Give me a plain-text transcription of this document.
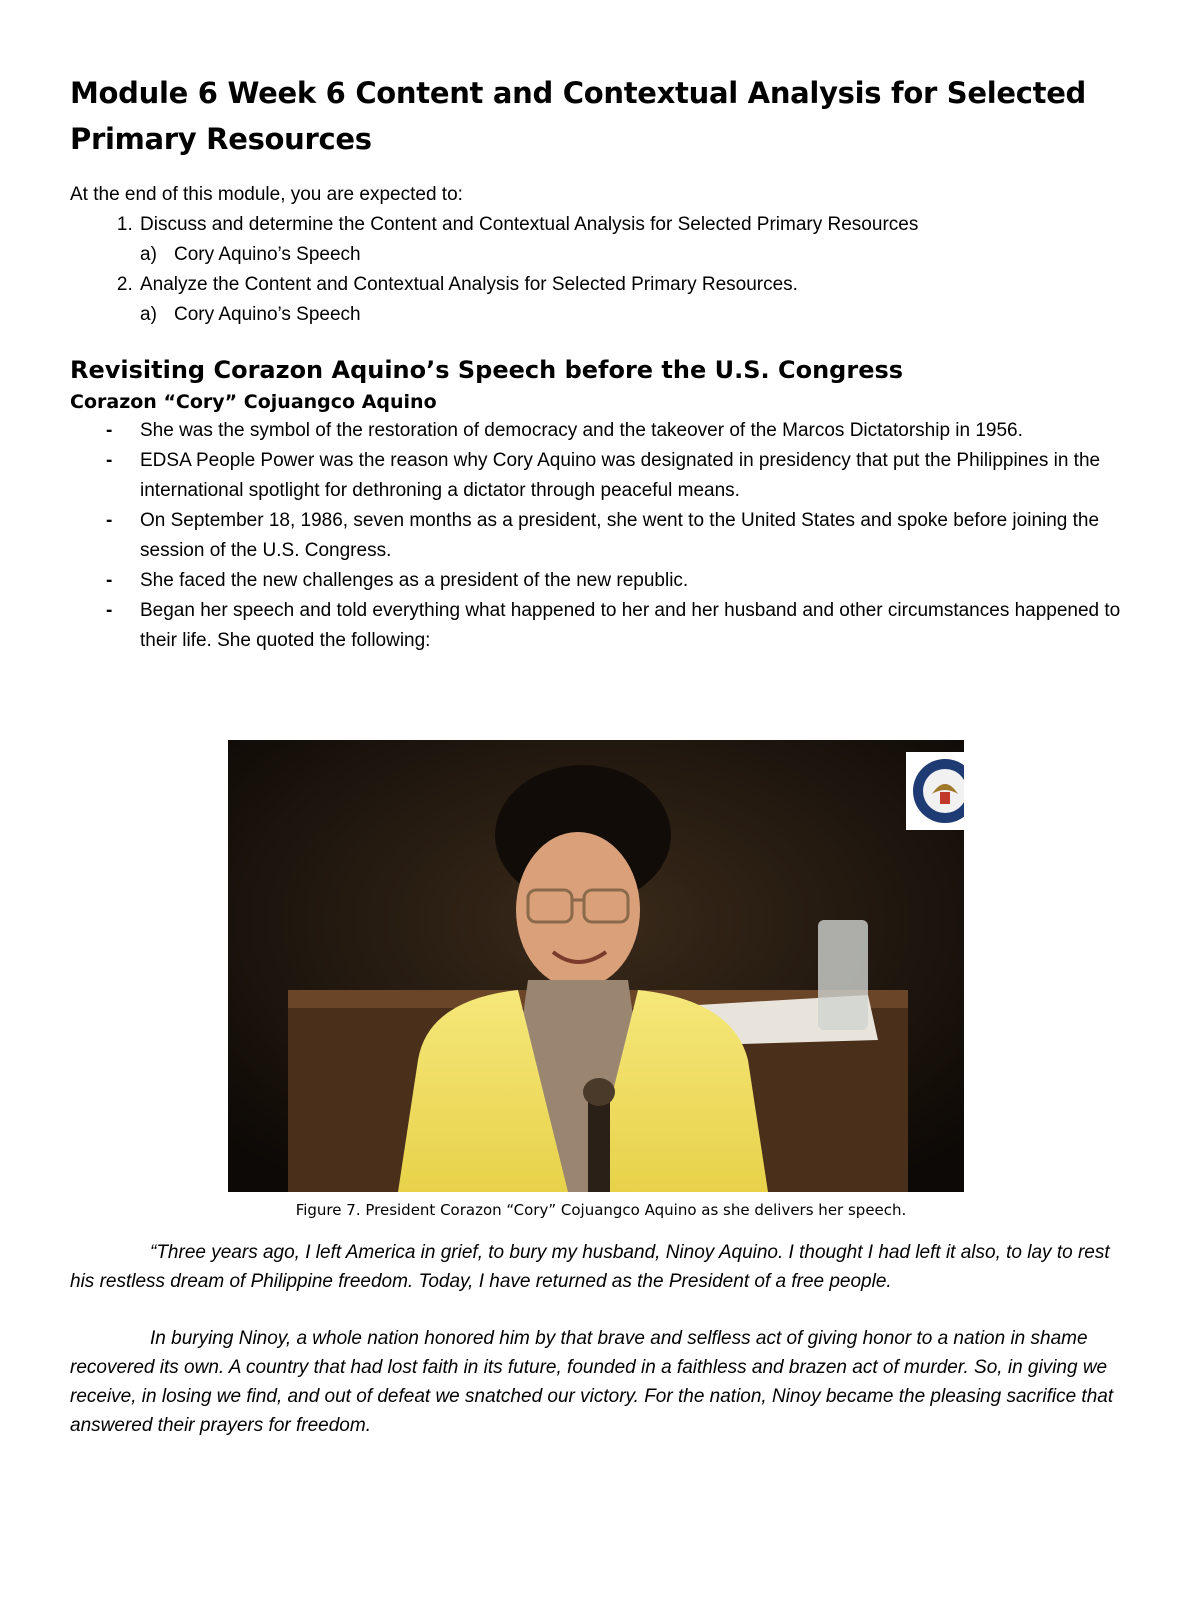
Module 6 Week 6 Content and Contextual Analysis for Selected Primary Resources
At the end of this module, you are expected to:
1. Discuss and determine the Content and Contextual Analysis for Selected Primary Resources
a) Cory Aquino’s Speech
2. Analyze the Content and Contextual Analysis for Selected Primary Resources.
a) Cory Aquino’s Speech
Revisiting Corazon Aquino’s Speech before the U.S. Congress
Corazon “Cory” Cojuangco Aquino
- She was the symbol of the restoration of democracy and the takeover of the Marcos Dictatorship in 1956.
- EDSA People Power was the reason why Cory Aquino was designated in presidency that put the Philippines in the international spotlight for dethroning a dictator through peaceful means.
- On September 18, 1986, seven months as a president, she went to the United States and spoke before joining the session of the U.S. Congress.
- She faced the new challenges as a president of the new republic.
- Began her speech and told everything what happened to her and her husband and other circumstances happened to their life. She quoted the following:
Figure 7. President Corazon “Cory” Cojuangco Aquino as she delivers her speech.

“Three years ago, I left America in grief, to bury my husband, Ninoy Aquino. I thought I had left it also, to lay to rest his restless dream of Philippine freedom. Today, I have returned as the President of a free people.

In burying Ninoy, a whole nation honored him by that brave and selfless act of giving honor to a nation in shame recovered its own. A country that had lost faith in its future, founded in a faithless and brazen act of murder. So, in giving we receive, in losing we find, and out of defeat we snatched our victory. For the nation, Ninoy became the pleasing sacrifice that answered their prayers for freedom.
